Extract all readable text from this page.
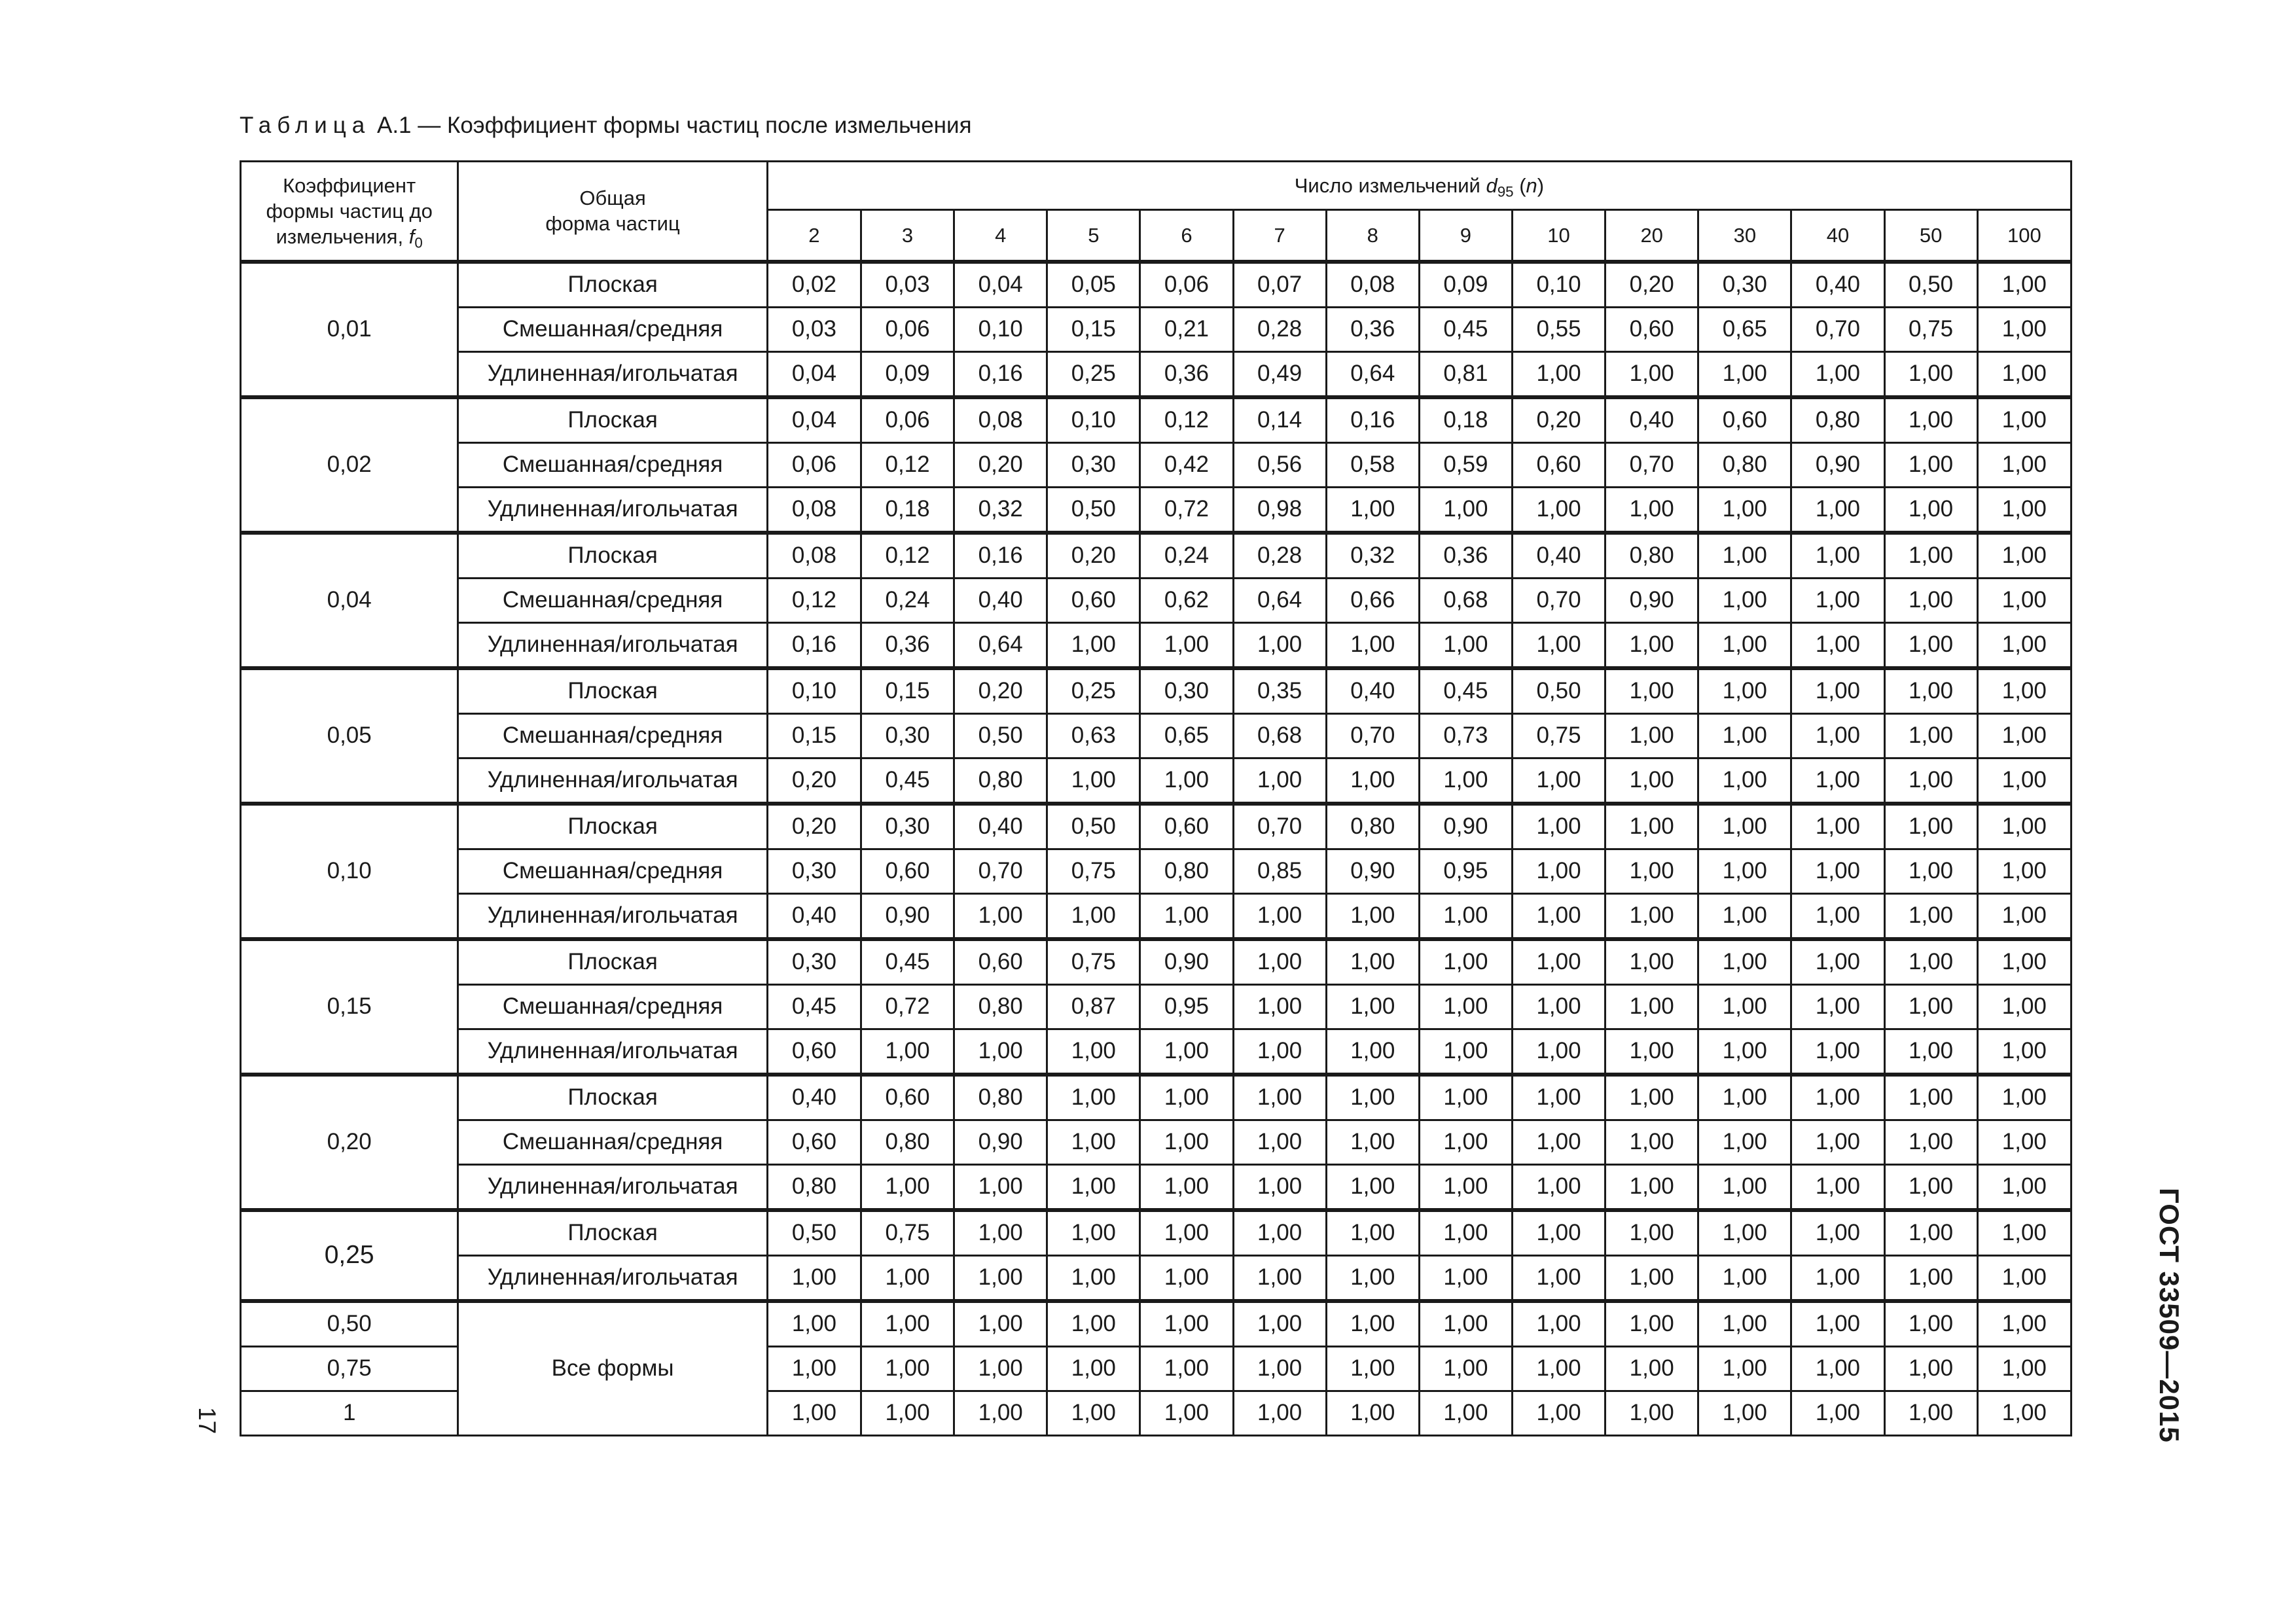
Таблица А.1 — Коэффициент формы частиц после измельчения
Коэффициент
формы частиц до
измельчения, $f_0$	Общая
форма частиц	Число измельчений $d_{95}$ (n)													
		2	3	4	5	6	7	8	9	10	20	30	40	50	100
0,01	Плоская	0,02	0,03	0,04	0,05	0,06	0,07	0,08	0,09	0,10	0,20	0,30	0,40	0,50	1,00
	Смешанная/средняя	0,03	0,06	0,10	0,15	0,21	0,28	0,36	0,45	0,55	0,60	0,65	0,70	0,75	1,00
	Удлиненная/игольчатая	0,04	0,09	0,16	0,25	0,36	0,49	0,64	0,81	1,00	1,00	1,00	1,00	1,00	1,00
0,02	Плоская	0,04	0,06	0,08	0,10	0,12	0,14	0,16	0,18	0,20	0,40	0,60	0,80	1,00	1,00
	Смешанная/средняя	0,06	0,12	0,20	0,30	0,42	0,56	0,58	0,59	0,60	0,70	0,80	0,90	1,00	1,00
	Удлиненная/игольчатая	0,08	0,18	0,32	0,50	0,72	0,98	1,00	1,00	1,00	1,00	1,00	1,00	1,00	1,00
0,04	Плоская	0,08	0,12	0,16	0,20	0,24	0,28	0,32	0,36	0,40	0,80	1,00	1,00	1,00	1,00
	Смешанная/средняя	0,12	0,24	0,40	0,60	0,62	0,64	0,66	0,68	0,70	0,90	1,00	1,00	1,00	1,00
	Удлиненная/игольчатая	0,16	0,36	0,64	1,00	1,00	1,00	1,00	1,00	1,00	1,00	1,00	1,00	1,00	1,00
0,05	Плоская	0,10	0,15	0,20	0,25	0,30	0,35	0,40	0,45	0,50	1,00	1,00	1,00	1,00	1,00
	Смешанная/средняя	0,15	0,30	0,50	0,63	0,65	0,68	0,70	0,73	0,75	1,00	1,00	1,00	1,00	1,00
	Удлиненная/игольчатая	0,20	0,45	0,80	1,00	1,00	1,00	1,00	1,00	1,00	1,00	1,00	1,00	1,00	1,00
0,10	Плоская	0,20	0,30	0,40	0,50	0,60	0,70	0,80	0,90	1,00	1,00	1,00	1,00	1,00	1,00
	Смешанная/средняя	0,30	0,60	0,70	0,75	0,80	0,85	0,90	0,95	1,00	1,00	1,00	1,00	1,00	1,00
	Удлиненная/игольчатая	0,40	0,90	1,00	1,00	1,00	1,00	1,00	1,00	1,00	1,00	1,00	1,00	1,00	1,00
0,15	Плоская	0,30	0,45	0,60	0,75	0,90	1,00	1,00	1,00	1,00	1,00	1,00	1,00	1,00	1,00
	Смешанная/средняя	0,45	0,72	0,80	0,87	0,95	1,00	1,00	1,00	1,00	1,00	1,00	1,00	1,00	1,00
	Удлиненная/игольчатая	0,60	1,00	1,00	1,00	1,00	1,00	1,00	1,00	1,00	1,00	1,00	1,00	1,00	1,00
0,20	Плоская	0,40	0,60	0,80	1,00	1,00	1,00	1,00	1,00	1,00	1,00	1,00	1,00	1,00	1,00
	Смешанная/средняя	0,60	0,80	0,90	1,00	1,00	1,00	1,00	1,00	1,00	1,00	1,00	1,00	1,00	1,00
	Удлиненная/игольчатая	0,80	1,00	1,00	1,00	1,00	1,00	1,00	1,00	1,00	1,00	1,00	1,00	1,00	1,00
0,25	Плоская	0,50	0,75	1,00	1,00	1,00	1,00	1,00	1,00	1,00	1,00	1,00	1,00	1,00	1,00
	Удлиненная/игольчатая	1,00	1,00	1,00	1,00	1,00	1,00	1,00	1,00	1,00	1,00	1,00	1,00	1,00	1,00
0,50	Все формы	1,00	1,00	1,00	1,00	1,00	1,00	1,00	1,00	1,00	1,00	1,00	1,00	1,00	1,00
0,75		1,00	1,00	1,00	1,00	1,00	1,00	1,00	1,00	1,00	1,00	1,00	1,00	1,00	1,00
1		1,00	1,00	1,00	1,00	1,00	1,00	1,00	1,00	1,00	1,00	1,00	1,00	1,00	1,00	ГОСТ 33509—2015
17
